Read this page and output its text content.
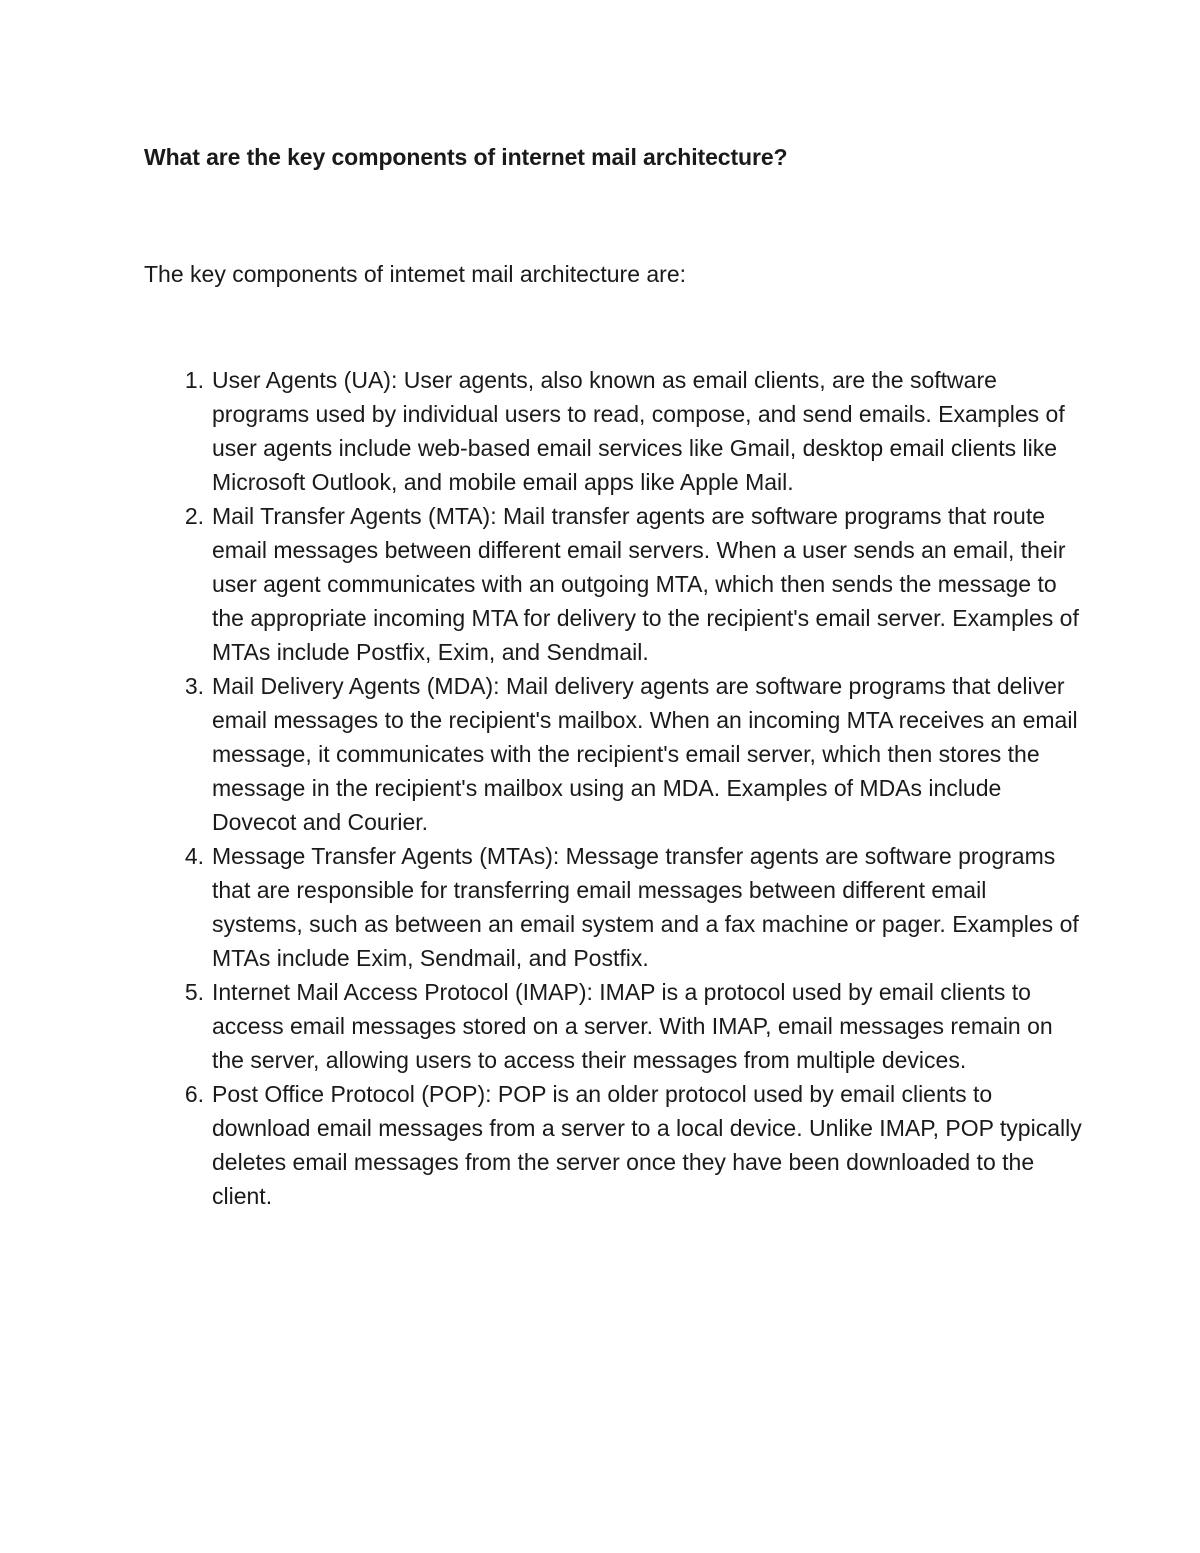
What are the key components of internet mail architecture?

The key components of intemet mail architecture are:

1. User Agents (UA): User agents, also known as email clients, are the software programs used by individual users to read, compose, and send emails. Examples of user agents include web-based email services like Gmail, desktop email clients like Microsoft Outlook, and mobile email apps like Apple Mail.
2. Mail Transfer Agents (MTA): Mail transfer agents are software programs that route email messages between different email servers. When a user sends an email, their user agent communicates with an outgoing MTA, which then sends the message to the appropriate incoming MTA for delivery to the recipient's email server. Examples of MTAs include Postfix, Exim, and Sendmail.
3. Mail Delivery Agents (MDA): Mail delivery agents are software programs that deliver email messages to the recipient's mailbox. When an incoming MTA receives an email message, it communicates with the recipient's email server, which then stores the message in the recipient's mailbox using an MDA. Examples of MDAs include Dovecot and Courier.
4. Message Transfer Agents (MTAs): Message transfer agents are software programs that are responsible for transferring email messages between different email systems, such as between an email system and a fax machine or pager. Examples of MTAs include Exim, Sendmail, and Postfix.
5. Internet Mail Access Protocol (IMAP): IMAP is a protocol used by email clients to access email messages stored on a server. With IMAP, email messages remain on the server, allowing users to access their messages from multiple devices.
6. Post Office Protocol (POP): POP is an older protocol used by email clients to download email messages from a server to a local device. Unlike IMAP, POP typically deletes email messages from the server once they have been downloaded to the client.
